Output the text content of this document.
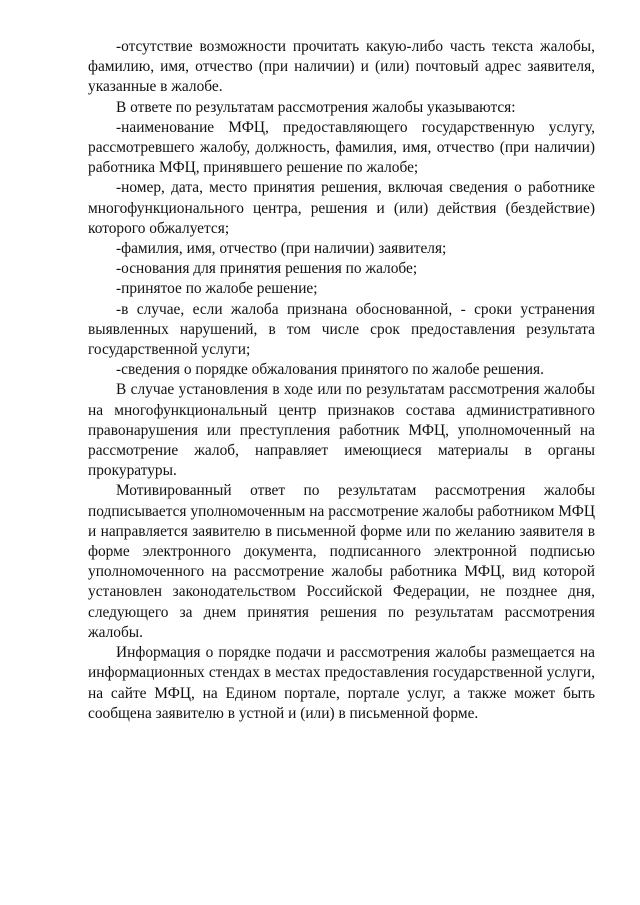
-отсутствие возможности прочитать какую-либо часть текста жалобы, фамилию, имя, отчество (при наличии) и (или) почтовый адрес заявителя, указанные в жалобе.

В ответе по результатам рассмотрения жалобы указываются:

-наименование МФЦ, предоставляющего государственную услугу, рассмотревшего жалобу, должность, фамилия, имя, отчество (при наличии) работника МФЦ, принявшего решение по жалобе;

-номер, дата, место принятия решения, включая сведения о работнике многофункционального центра, решения и (или) действия (бездействие) которого обжалуется;

-фамилия, имя, отчество (при наличии) заявителя;

-основания для принятия решения по жалобе;

-принятое по жалобе решение;

-в случае, если жалоба признана обоснованной, - сроки устранения выявленных нарушений, в том числе срок предоставления результата государственной услуги;

-сведения о порядке обжалования принятого по жалобе решения.

В случае установления в ходе или по результатам рассмотрения жалобы на многофункциональный центр признаков состава административного правонарушения или преступления работник МФЦ, уполномоченный на рассмотрение жалоб, направляет имеющиеся материалы в органы прокуратуры.

Мотивированный ответ по результатам рассмотрения жалобы подписывается уполномоченным на рассмотрение жалобы работником МФЦ и направляется заявителю в письменной форме или по желанию заявителя в форме электронного документа, подписанного электронной подписью уполномоченного на рассмотрение жалобы работника МФЦ, вид которой установлен законодательством Российской Федерации, не позднее дня, следующего за днем принятия решения по результатам рассмотрения жалобы.

Информация о порядке подачи и рассмотрения жалобы размещается на информационных стендах в местах предоставления государственной услуги, на сайте МФЦ, на Едином портале, портале услуг, а также может быть сообщена заявителю в устной и (или) в письменной форме.
